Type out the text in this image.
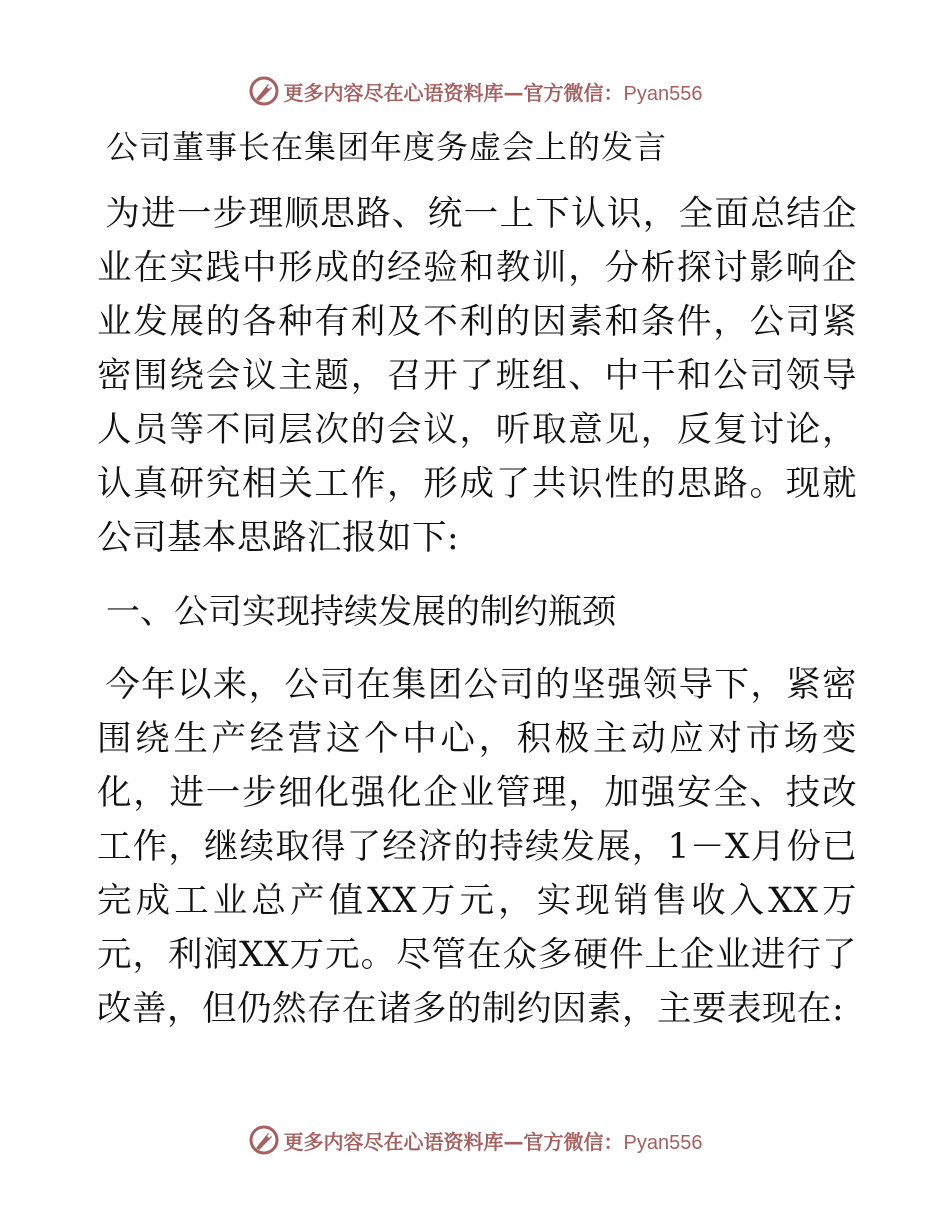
更多内容尽在心语资料库—官方微信：Pyan556
公司董事长在集团年度务虚会上的发言
 为进一步理顺思路、统一上下认识，全面总结企业在实践中形成的经验和教训，分析探讨影响企业发展的各种有利及不利的因素和条件，公司紧密围绕会议主题，召开了班组、中干和公司领导人员等不同层次的会议，听取意见，反复讨论，认真研究相关工作，形成了共识性的思路。现就公司基本思路汇报如下:
一、公司实现持续发展的制约瓶颈
 今年以来，公司在集团公司的坚强领导下，紧密围绕生产经营这个中心，积极主动应对市场变化，进一步细化强化企业管理，加强安全、技改工作，继续取得了经济的持续发展，1－X月份已完成工业总产值XX万元，实现销售收入XX万元，利润XX万元。尽管在众多硬件上企业进行了改善，但仍然存在诸多的制约因素，主要表现在:
更多内容尽在心语资料库—官方微信：Pyan556
